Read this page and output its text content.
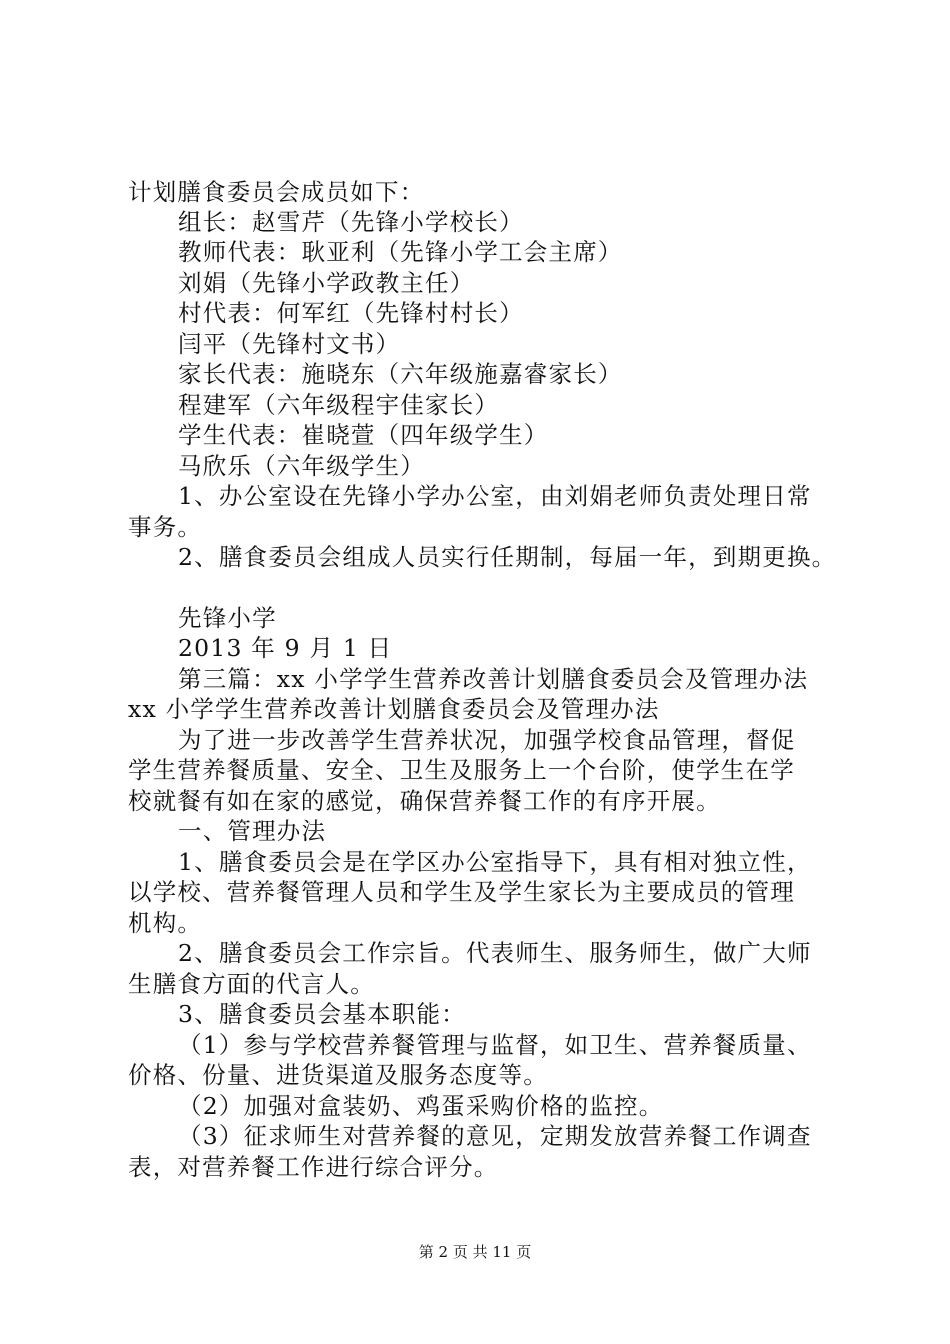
计划膳食委员会成员如下：
组长：赵雪芹（先锋小学校长）
教师代表：耿亚利（先锋小学工会主席）
刘娟（先锋小学政教主任）
村代表：何军红（先锋村村长）
闫平（先锋村文书）
家长代表：施晓东（六年级施嘉睿家长）
程建军（六年级程宇佳家长）
学生代表：崔晓萱（四年级学生）
马欣乐（六年级学生）
1、办公室设在先锋小学办公室，由刘娟老师负责处理日常
事务。
2、膳食委员会组成人员实行任期制，每届一年，到期更换。
先锋小学
2013 年 9 月 1 日
第三篇：xx 小学学生营养改善计划膳食委员会及管理办法
xx 小学学生营养改善计划膳食委员会及管理办法
为了进一步改善学生营养状况，加强学校食品管理，督促
学生营养餐质量、安全、卫生及服务上一个台阶，使学生在学
校就餐有如在家的感觉，确保营养餐工作的有序开展。
一、管理办法
1、膳食委员会是在学区办公室指导下，具有相对独立性，
以学校、营养餐管理人员和学生及学生家长为主要成员的管理
机构。
2、膳食委员会工作宗旨。代表师生、服务师生，做广大师
生膳食方面的代言人。
3、膳食委员会基本职能：
（1）参与学校营养餐管理与监督，如卫生、营养餐质量、
价格、份量、进货渠道及服务态度等。
（2）加强对盒装奶、鸡蛋采购价格的监控。
（3）征求师生对营养餐的意见，定期发放营养餐工作调查
表，对营养餐工作进行综合评分。
第 2 页 共 11 页
